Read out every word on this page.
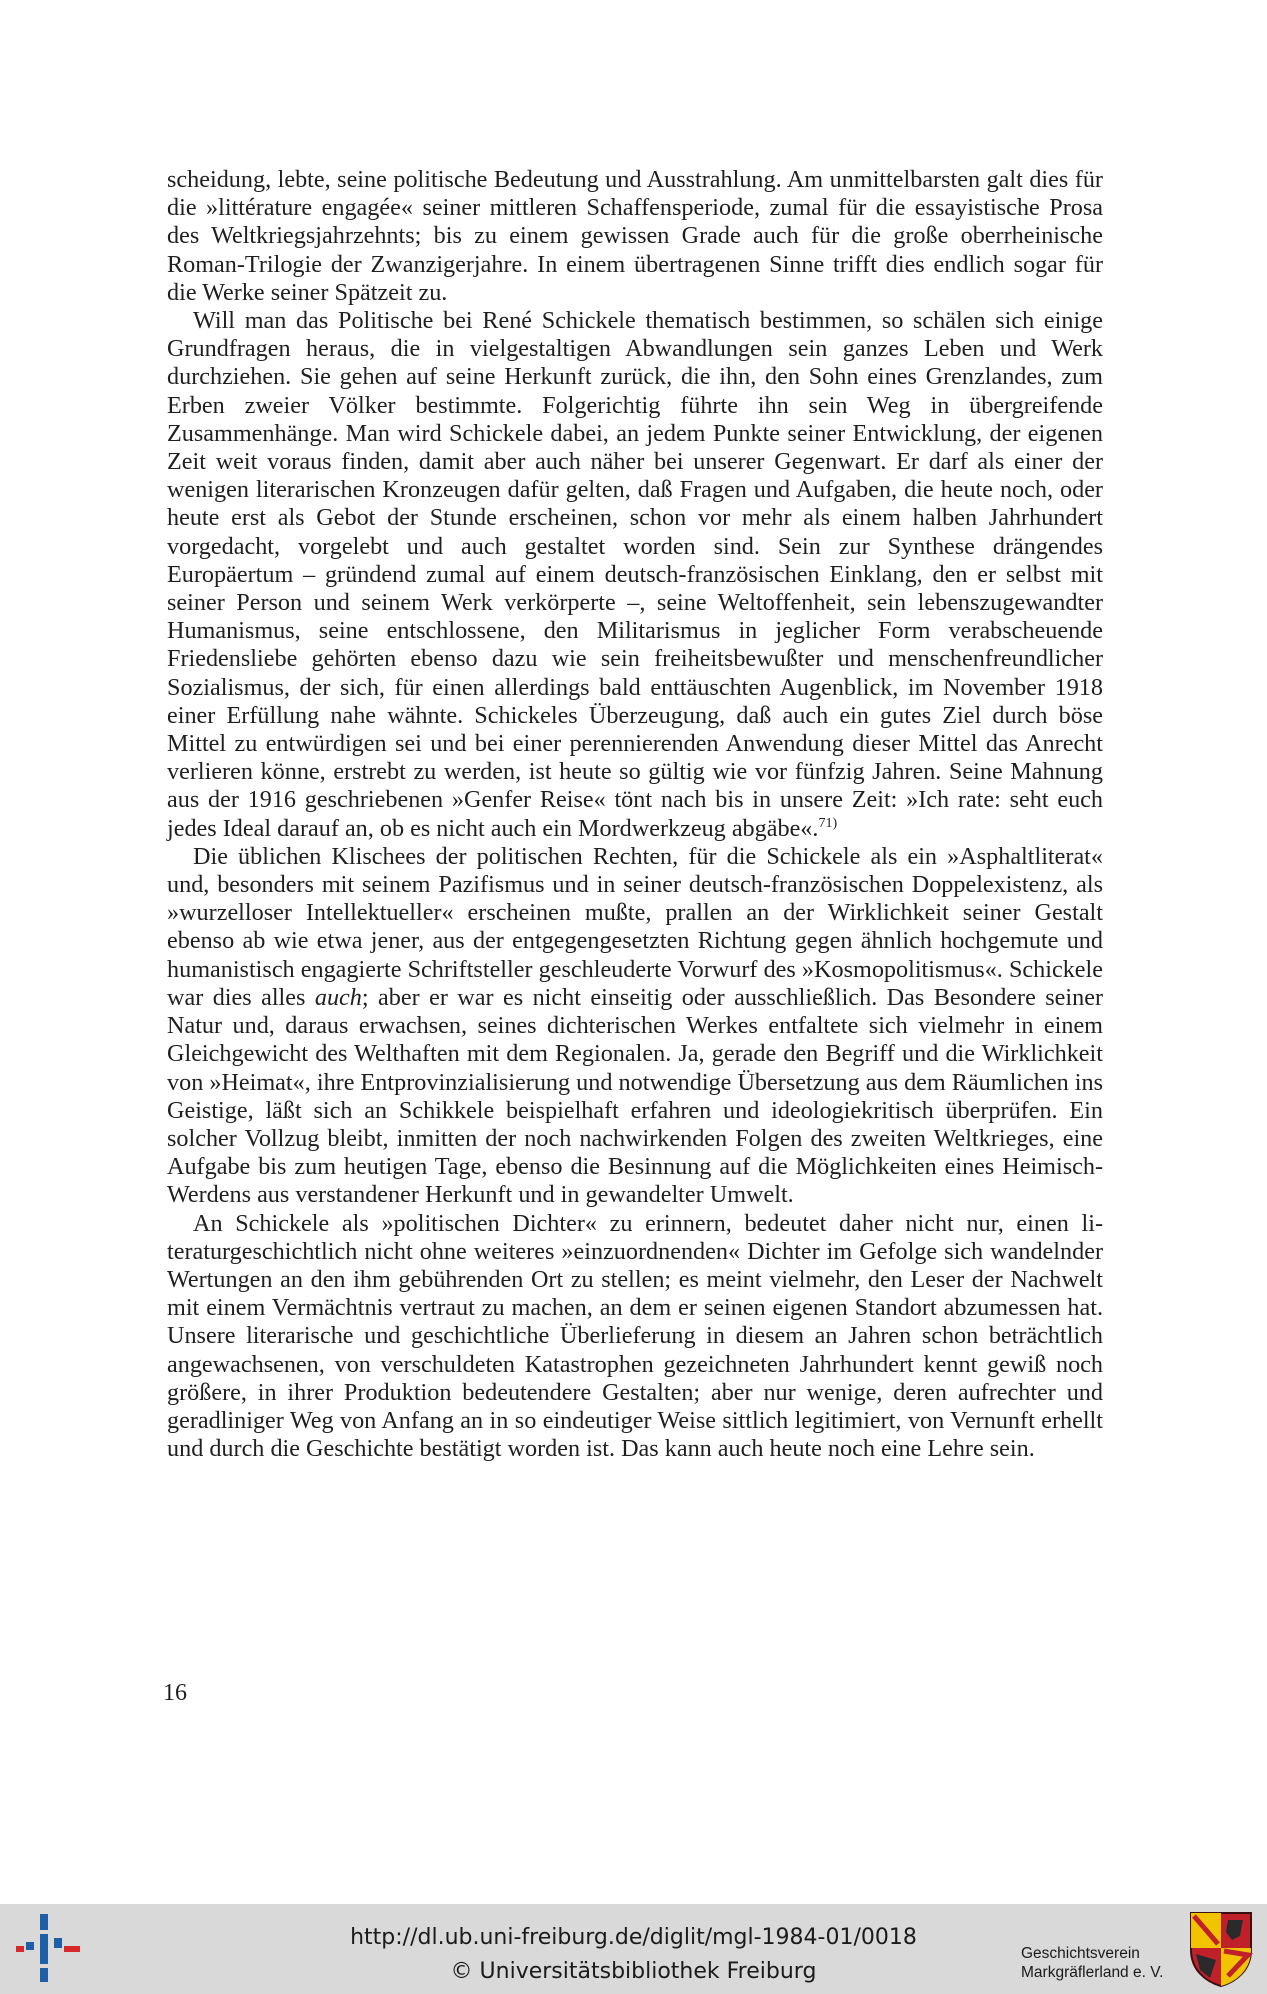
scheidung, lebte, seine politische Bedeutung und Ausstrahlung. Am unmittelbarsten galt dies für die »littérature engagée« seiner mittleren Schaffensperiode, zumal für die essayistische Prosa des Weltkriegsjahrzehnts; bis zu einem gewissen Grade auch für die große oberrheinische Roman-Trilogie der Zwanzigerjahre. In einem übertragenen Sinne trifft dies endlich sogar für die Werke seiner Spätzeit zu.

Will man das Politische bei René Schickele thematisch bestimmen, so schälen sich einige Grundfragen heraus, die in vielgestaltigen Abwandlungen sein ganzes Leben und Werk durchziehen. Sie gehen auf seine Herkunft zurück, die ihn, den Sohn eines Grenzlandes, zum Erben zweier Völker bestimmte. Folgerichtig führte ihn sein Weg in übergreifende Zusammenhänge. Man wird Schickele dabei, an jedem Punkte seiner Entwicklung, der eigenen Zeit weit voraus finden, damit aber auch näher bei unserer Gegenwart. Er darf als einer der wenigen literarischen Kronzeugen dafür gelten, daß Fragen und Aufgaben, die heute noch, oder heute erst als Gebot der Stunde erscheinen, schon vor mehr als einem halben Jahrhundert vorgedacht, vorgelebt und auch gestaltet worden sind. Sein zur Synthese drängendes Europäertum – gründend zumal auf einem deutsch-französischen Einklang, den er selbst mit seiner Person und seinem Werk verkörperte –, seine Weltoffenheit, sein lebenszugewandter Humanismus, seine entschlossene, den Militarismus in jeglicher Form verabscheuende Friedensliebe gehörten ebenso dazu wie sein freiheitsbewußter und menschenfreundlicher Sozialismus, der sich, für einen allerdings bald enttäuschten Augenblick, im November 1918 einer Erfüllung nahe wähnte. Schickeles Überzeugung, daß auch ein gutes Ziel durch böse Mittel zu entwürdigen sei und bei einer perennierenden Anwendung dieser Mittel das Anrecht verlieren könne, erstrebt zu werden, ist heute so gültig wie vor fünfzig Jahren. Seine Mahnung aus der 1916 geschriebenen »Genfer Reise« tönt nach bis in unsere Zeit: »Ich rate: seht euch jedes Ideal darauf an, ob es nicht auch ein Mordwerkzeug abgäbe«.$^{71)}$

Die üblichen Klischees der politischen Rechten, für die Schickele als ein »Asphaltliterat« und, besonders mit seinem Pazifismus und in seiner deutsch-französischen Doppelexistenz, als »wurzelloser Intellektueller« erscheinen mußte, prallen an der Wirklichkeit seiner Gestalt ebenso ab wie etwa jener, aus der entgegengesetzten Richtung gegen ähnlich hochgemute und humanistisch engagierte Schriftsteller geschleuderte Vorwurf des »Kosmopolitismus«. Schickele war dies alles auch; aber er war es nicht einseitig oder ausschließlich. Das Besondere seiner Natur und, daraus erwachsen, seines dichterischen Werkes entfaltete sich vielmehr in einem Gleichgewicht des Welthaften mit dem Regionalen. Ja, gerade den Begriff und die Wirklichkeit von »Heimat«, ihre Entprovinzialisierung und notwendige Übersetzung aus dem Räumlichen ins Geistige, läßt sich an Schikkele beispielhaft erfahren und ideologiekritisch überprüfen. Ein solcher Vollzug bleibt, inmitten der noch nachwirkenden Folgen des zweiten Weltkrieges, eine Aufgabe bis zum heutigen Tage, ebenso die Besinnung auf die Möglichkeiten eines Heimisch-Werdens aus verstandener Herkunft und in gewandelter Umwelt.

An Schickele als »politischen Dichter« zu erinnern, bedeutet daher nicht nur, einen literaturgeschichtlich nicht ohne weiteres »einzuordnenden« Dichter im Gefolge sich wandelnder Wertungen an den ihm gebührenden Ort zu stellen; es meint vielmehr, den Leser der Nachwelt mit einem Vermächtnis vertraut zu machen, an dem er seinen eigenen Standort abzumessen hat. Unsere literarische und geschichtliche Überlieferung in diesem an Jahren schon beträchtlich angewachsenen, von verschuldeten Katastrophen gezeichneten Jahrhundert kennt gewiß noch größere, in ihrer Produktion bedeutendere Gestalten; aber nur wenige, deren aufrechter und geradliniger Weg von Anfang an in so eindeutiger Weise sittlich legitimiert, von Vernunft erhellt und durch die Geschichte bestätigt worden ist. Das kann auch heute noch eine Lehre sein.

16
http://dl.ub.uni-freiburg.de/diglit/mgl-1984-01/0018
© Universitätsbibliothek Freiburg
Geschichtsverein
Markgräflerland e. V.
